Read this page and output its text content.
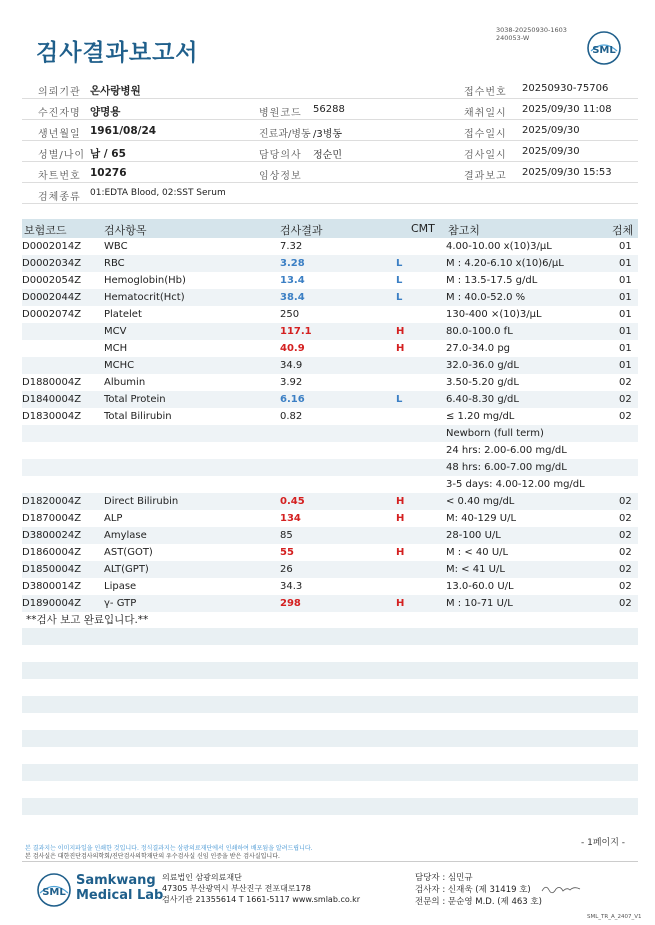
검사결과보고서
3038-20250930-1603
240053-W
SML
의뢰기관 온사랑병원	접수번호 20250930-75706
수진자명 양명용	병원코드 56288	채취일시 2025/09/30 11:08
생년월일 1961/08/24	진료과/병동 /3병동	접수일시 2025/09/30
성별/나이 남 / 65	담당의사 정순민	검사일시 2025/09/30
차트번호 10276	임상정보	결과보고 2025/09/30 15:53
검체종류 01:EDTA Blood, 02:SST Serum
보험코드	검사항목	검사결과	CMT 참고치	검체
D0002014Z WBC	7.32	4.00-10.00 x(10)3/μL	01
D0002034Z RBC	3.28	L	M : 4.20-6.10 x(10)6/μL	01
D0002054Z Hemoglobin(Hb)	13.4	L	M : 13.5-17.5 g/dL	01
D0002044Z Hematocrit(Hct)	38.4	L	M : 40.0-52.0 %	01
D0002074Z Platelet	250	130-400 ×(10)3/μL	01
MCV	117.1	H	80.0-100.0 fL	01
MCH	40.9	H	27.0-34.0 pg	01
MCHC	34.9	32.0-36.0 g/dL	01
D1880004Z Albumin	3.92	3.50-5.20 g/dL	02
D1840004Z Total Protein	6.16	L	6.40-8.30 g/dL	02
D1830004Z Total Bilirubin	0.82	≤ 1.20 mg/dL	02
Newborn (full term)
24 hrs: 2.00-6.00 mg/dL
48 hrs: 6.00-7.00 mg/dL
3-5 days: 4.00-12.00 mg/dL
D1820004Z Direct Bilirubin	0.45	H	< 0.40 mg/dL	02
D1870004Z ALP	134	H	M: 40-129 U/L	02
D3800024Z Amylase	85	28-100 U/L	02
D1860004Z AST(GOT)	55	H	M : < 40 U/L	02
D1850004Z ALT(GPT)	26	M: < 41 U/L	02
D3800014Z Lipase	34.3	13.0-60.0 U/L	02
D1890004Z γ- GTP	298	H	M : 10-71 U/L	02
**검사 보고 완료입니다.**
- 1페이지 -
본 결과지는 이미지파일을 인쇄한 것입니다. 정식결과지는 삼광의료재단에서 인쇄하여 배포됨을 알려드립니다.
본 검사실은 대한진단검사의학회/진단검사의학재단의 우수검사실 신임 인증을 받은 검사실입니다.
SML
Samkwang
Medical Lab
의료법인 삼광의료재단
47305 부산광역시 부산진구 전포대로178
검사기관 21355614 T 1661-5117 www.smlab.co.kr
담당자 : 심민규
검사자 : 신재욱 (제 31419 호)
전문의 : 문순영 M.D. (제 463 호)
SML_TR_A_2407_V1
